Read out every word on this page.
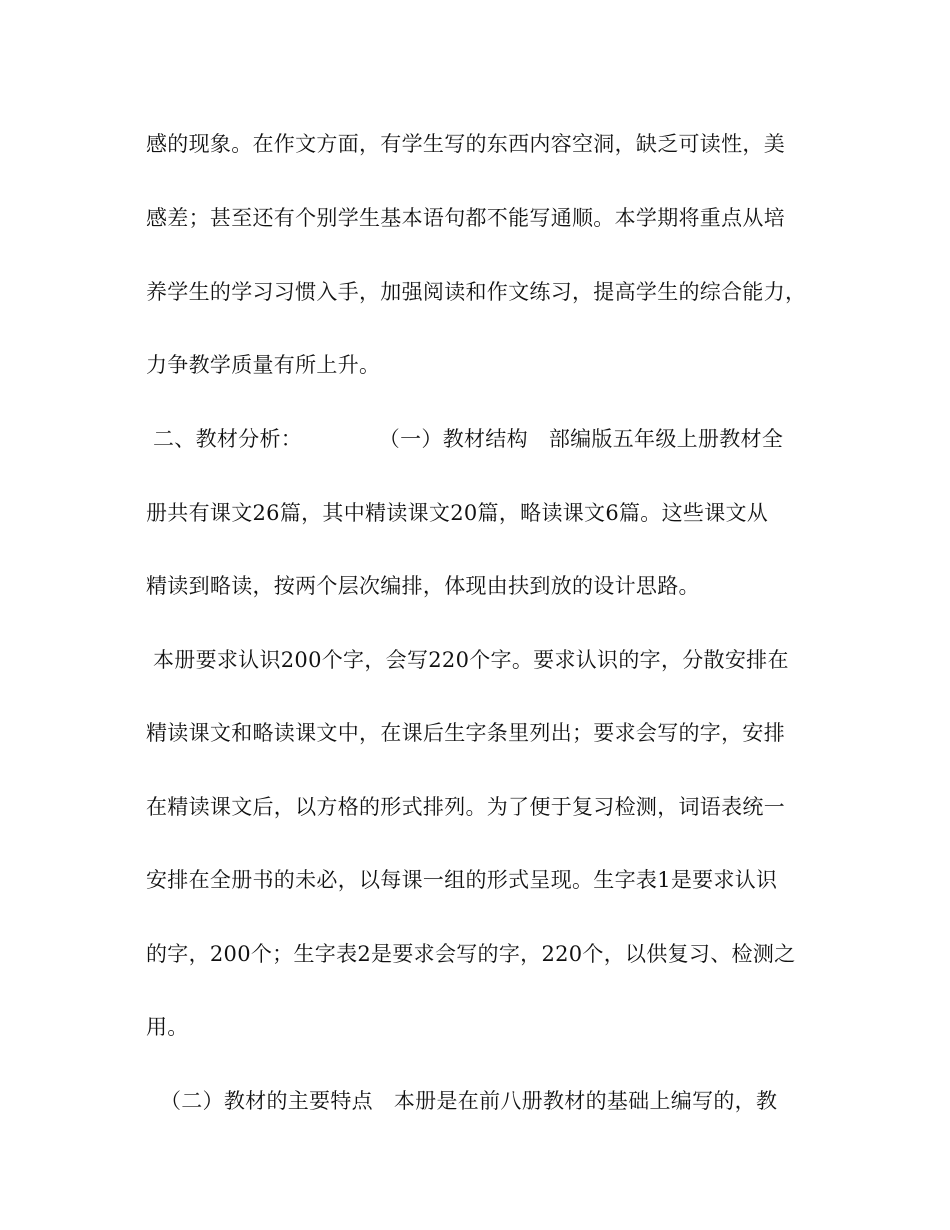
感的现象。在作文方面，有学生写的东西内容空洞，缺乏可读性，美
感差；甚至还有个别学生基本语句都不能写通顺。本学期将重点从培
养学生的学习习惯入手，加强阅读和作文练习，提高学生的综合能力，
力争教学质量有所上升。
二、教材分析：           （一）教材结构   部编版五年级上册教材全
册共有课文26篇，其中精读课文20篇，略读课文6篇。这些课文从
精读到略读，按两个层次编排，体现由扶到放的设计思路。
本册要求认识200个字，会写220个字。要求认识的字，分散安排在
精读课文和略读课文中，在课后生字条里列出；要求会写的字，安排
在精读课文后，以方格的形式排列。为了便于复习检测，词语表统一
安排在全册书的未必，以每课一组的形式呈现。生字表1是要求认识
的字，200个；生字表2是要求会写的字，220个，以供复习、检测之
用。
（二）教材的主要特点   本册是在前八册教材的基础上编写的，教
